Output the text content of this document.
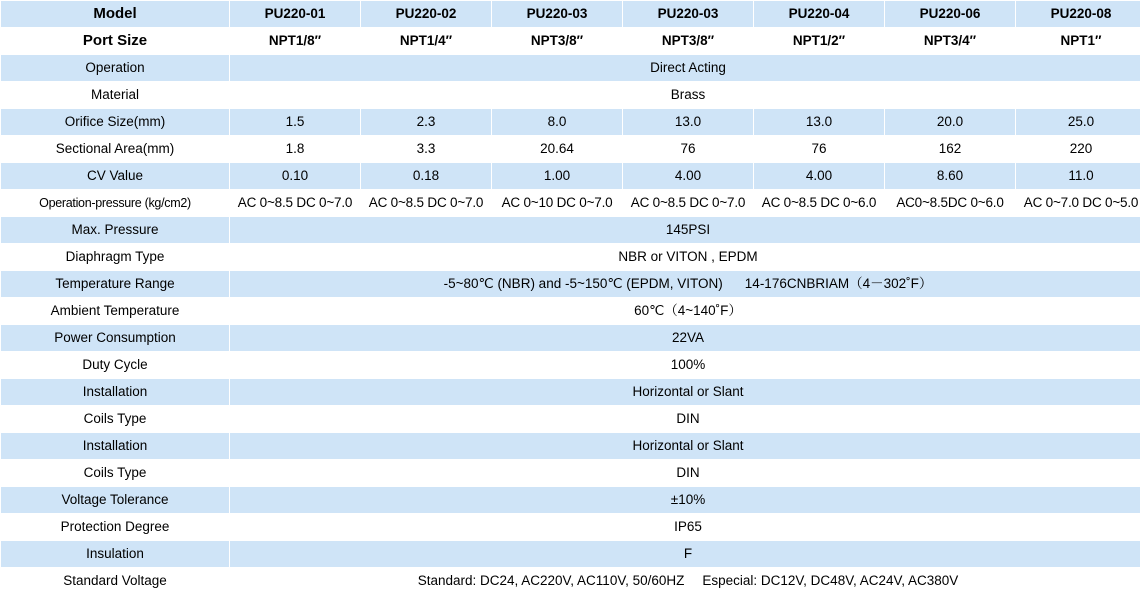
Model	PU220-01	PU220-02	PU220-03	PU220-03	PU220-04	PU220-06	PU220-08
Port Size	NPT1/8″	NPT1/4″	NPT3/8″	NPT3/8″	NPT1/2″	NPT3/4″	NPT1″
Operation	Direct Acting						
Material	Brass						
Orifice Size(mm)	1.5	2.3	8.0	13.0	13.0	20.0	25.0
Sectional Area(mm)	1.8	3.3	20.64	76	76	162	220
CV Value	0.10	0.18	1.00	4.00	4.00	8.60	11.0
Operation-pressure (kg/cm2)	AC 0~8.5 DC 0~7.0	AC 0~8.5 DC 0~7.0	AC 0~10 DC 0~7.0	AC 0~8.5 DC 0~7.0	AC 0~8.5 DC 0~6.0	AC0~8.5DC 0~6.0	AC 0~7.0 DC 0~5.0
Max. Pressure	145PSI						
Diaphragm Type	NBR or VITON , EPDM						
Temperature Range	-5~80℃ (NBR) and -5~150℃ (EPDM, VITON) 14-176CNBRIAM（4－302˚F）						
Ambient Temperature	60℃（4~140˚F）						
Power Consumption	22VA						
Duty Cycle	100%						
Installation	Horizontal or Slant						
Coils Type	DIN						
Installation	Horizontal or Slant						
Coils Type	DIN						
Voltage Tolerance	±10%						
Protection Degree	IP65						
Insulation	F						
Standard Voltage	Standard: DC24, AC220V, AC110V, 50/60HZ Especial: DC12V, DC48V, AC24V, AC380V						
